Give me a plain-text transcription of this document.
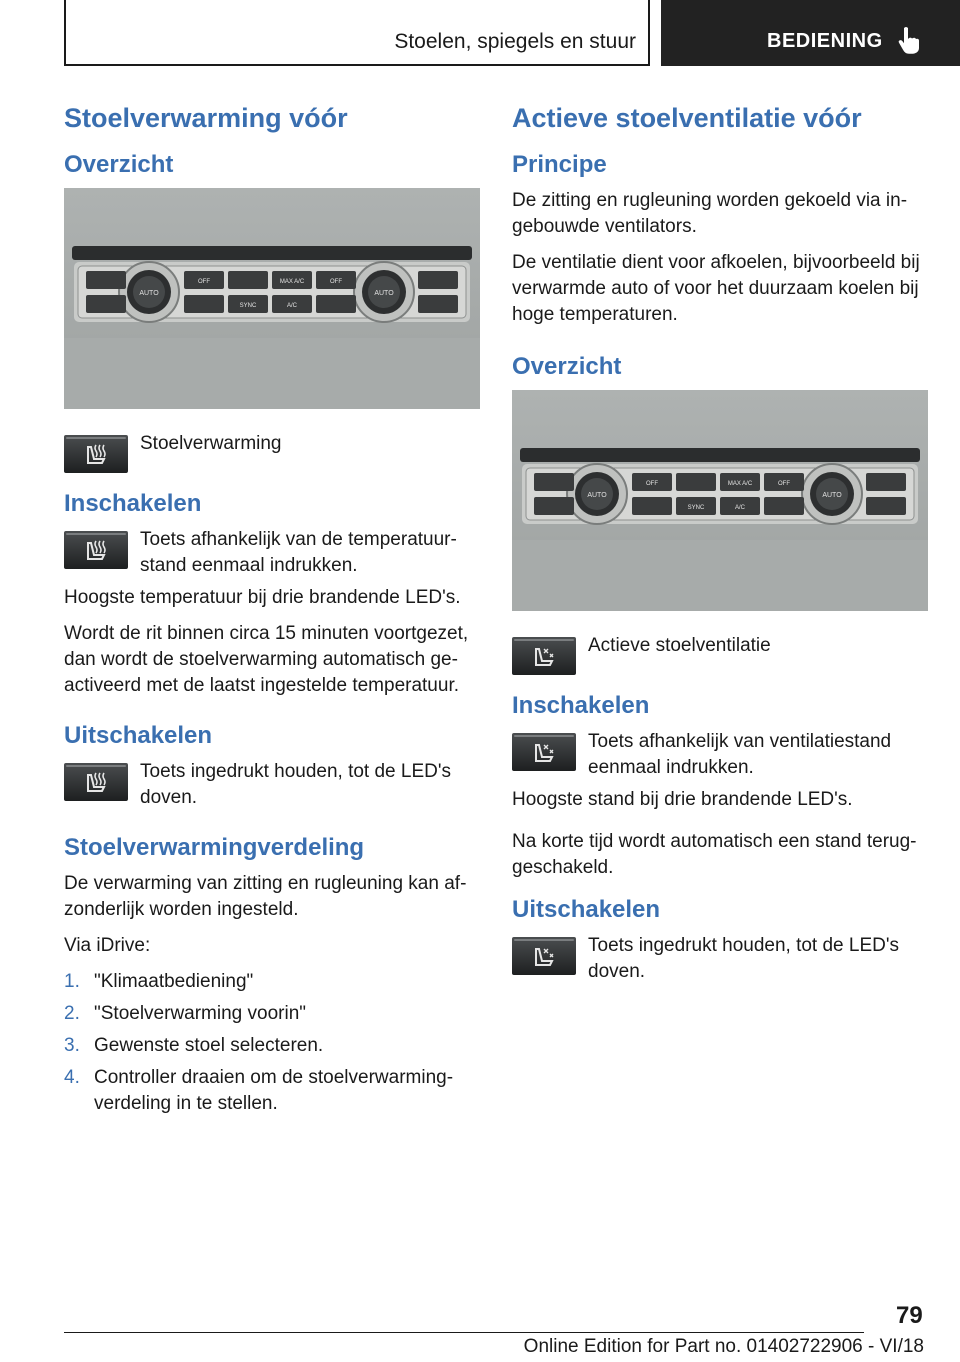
Stoelen, spiegels en stuur	BEDIENING
Stoelverwarming vóór
Overzicht
AUTO	AUTO
OFF	MAX A/C	OFF
SYNC	A/C
Stoelverwarming
Inschakelen
Toets afhankelijk van de temperatuurstand eenmaal indrukken.

Hoogste temperatuur bij drie brandende LED's.

Wordt de rit binnen circa 15 minuten voortgezet, dan wordt de stoelverwarming automatisch geactiveerd met de laatst ingestelde temperatuur.

Uitschakelen
Toets ingedrukt houden, tot de LED's doven.
Stoelverwarmingverdeling

De verwarming van zitting en rugleuning kan afzonderlijk worden ingesteld.

Via iDrive:

1. "Klimaatbediening"
2. "Stoelverwarming voorin"
3. Gewenste stoel selecteren.
4. Controller draaien om de stoelverwarmingverdeling in te stellen.
Actieve stoelventilatie vóór
Principe

De zitting en rugleuning worden gekoeld via ingebouwde ventilators.

De ventilatie dient voor afkoelen, bijvoorbeeld bij verwarmde auto of voor het duurzaam koelen bij hoge temperaturen.

Overzicht
AUTO	AUTO
OFF	MAX A/C	OFF
SYNC	A/C
Actieve stoelventilatie
Inschakelen
Toets afhankelijk van ventilatiestand eenmaal indrukken.

Hoogste stand bij drie brandende LED's.

Na korte tijd wordt automatisch een stand teruggeschakeld.

Uitschakelen
Toets ingedrukt houden, tot de LED's doven.
79
Online Edition for Part no. 01402722906 - VI/18
